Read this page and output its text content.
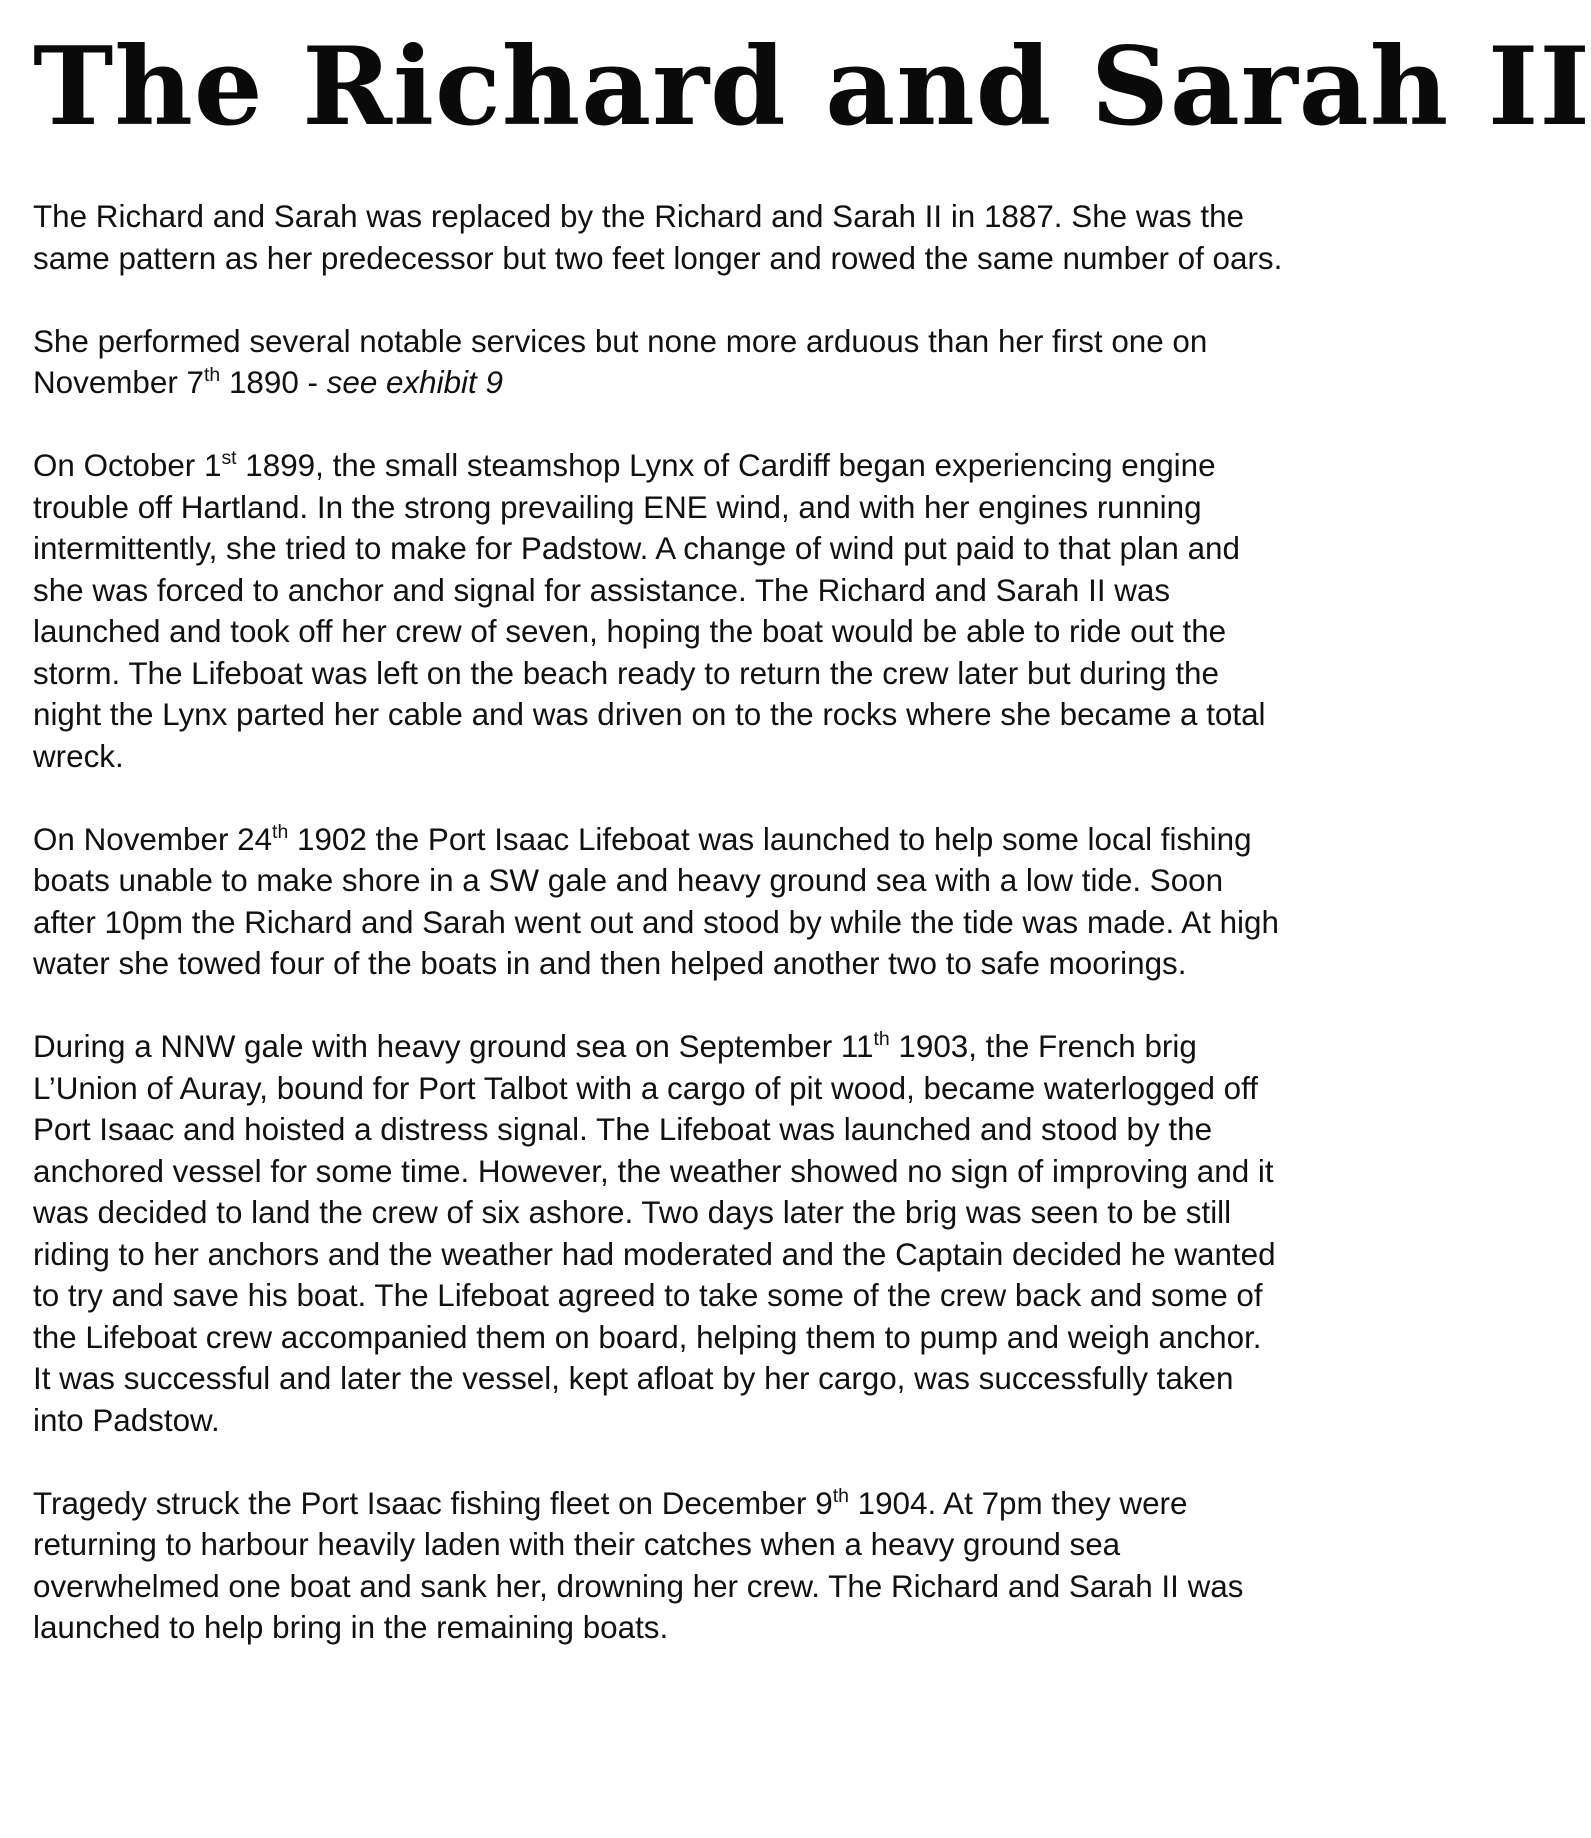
The Richard and Sarah II

The Richard and Sarah was replaced by the Richard and Sarah II in 1887. She was the same pattern as her predecessor but two feet longer and rowed the same number of oars.

She performed several notable services but none more arduous than her first one on November 7th 1890 - see exhibit 9

On October 1st 1899, the small steamshop Lynx of Cardiff began experiencing engine trouble off Hartland. In the strong prevailing ENE wind, and with her engines running intermittently, she tried to make for Padstow. A change of wind put paid to that plan and she was forced to anchor and signal for assistance. The Richard and Sarah II was launched and took off her crew of seven, hoping the boat would be able to ride out the storm. The Lifeboat was left on the beach ready to return the crew later but during the night the Lynx parted her cable and was driven on to the rocks where she became a total wreck.

On November 24th 1902 the Port Isaac Lifeboat was launched to help some local fishing boats unable to make shore in a SW gale and heavy ground sea with a low tide. Soon after 10pm the Richard and Sarah went out and stood by while the tide was made. At high water she towed four of the boats in and then helped another two to safe moorings.

During a NNW gale with heavy ground sea on September 11th 1903, the French brig L’Union of Auray, bound for Port Talbot with a cargo of pit wood, became waterlogged off Port Isaac and hoisted a distress signal. The Lifeboat was launched and stood by the anchored vessel for some time. However, the weather showed no sign of improving and it was decided to land the crew of six ashore. Two days later the brig was seen to be still riding to her anchors and the weather had moderated and the Captain decided he wanted to try and save his boat. The Lifeboat agreed to take some of the crew back and some of the Lifeboat crew accompanied them on board, helping them to pump and weigh anchor. It was successful and later the vessel, kept afloat by her cargo, was successfully taken into Padstow.

Tragedy struck the Port Isaac fishing fleet on December 9th 1904. At 7pm they were returning to harbour heavily laden with their catches when a heavy ground sea overwhelmed one boat and sank her, drowning her crew. The Richard and Sarah II was launched to help bring in the remaining boats.
